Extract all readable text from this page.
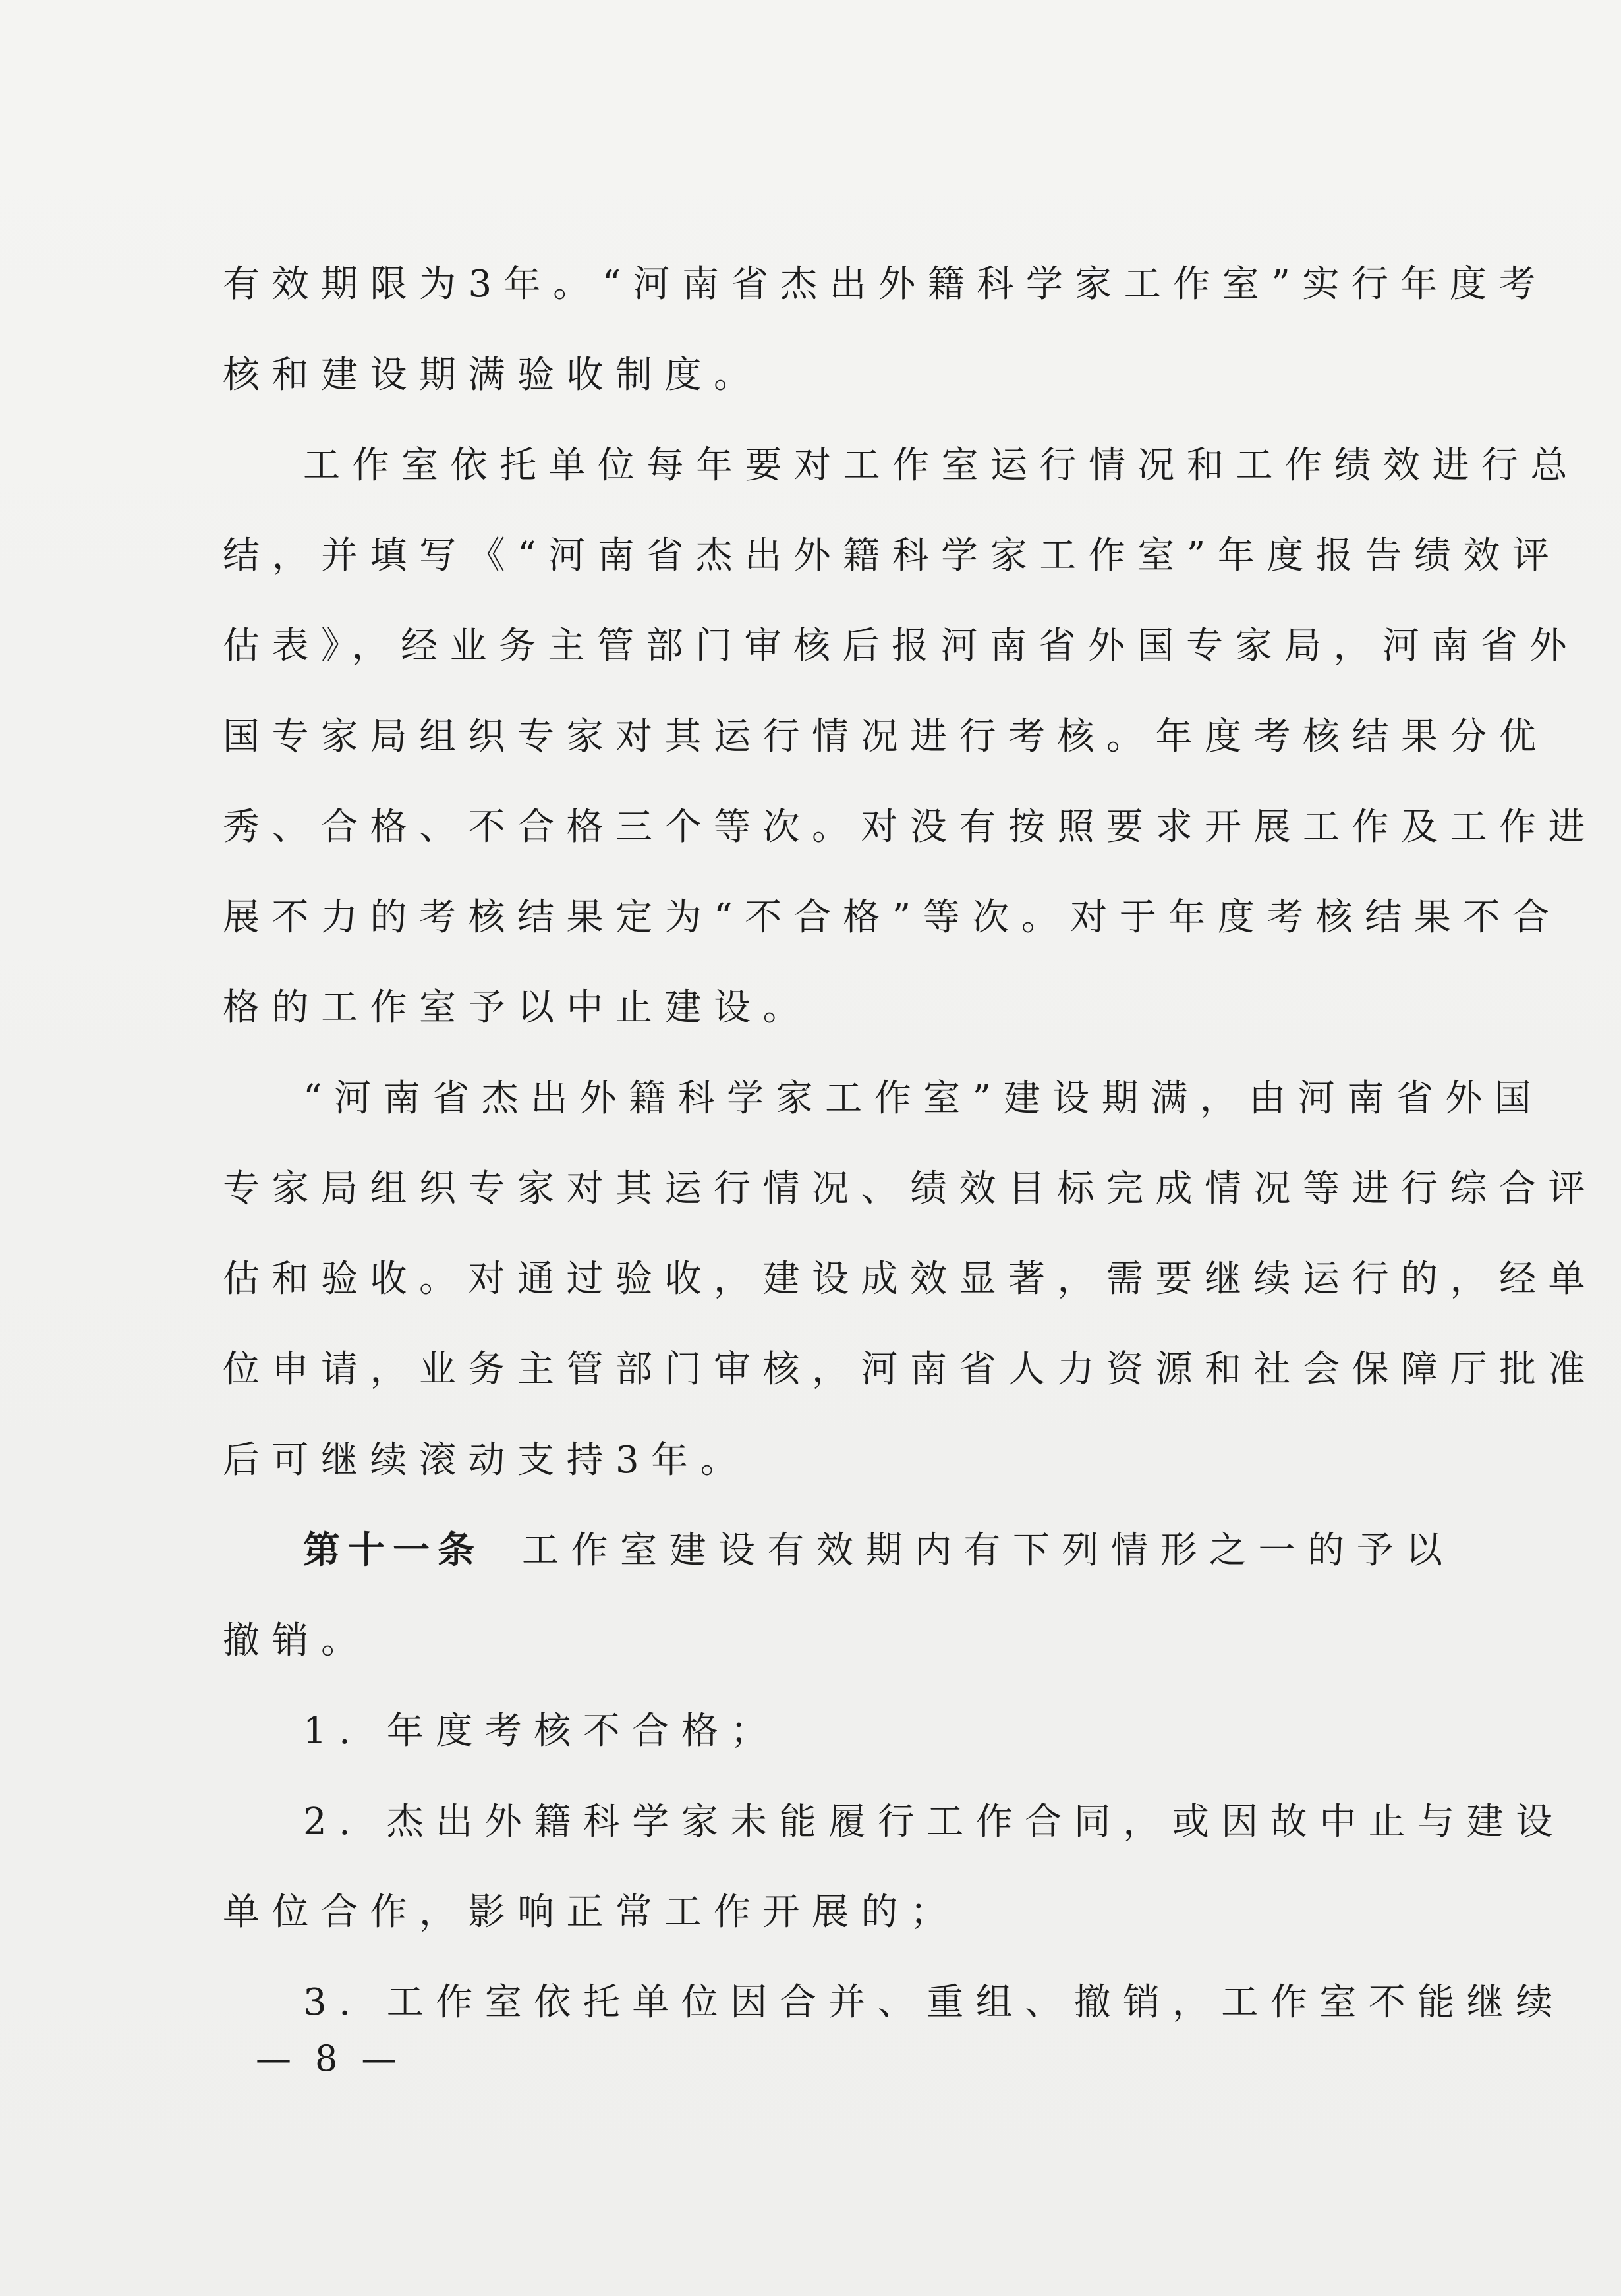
有效期限为3年。“河南省杰出外籍科学家工作室”实行年度考
核和建设期满验收制度。
工作室依托单位每年要对工作室运行情况和工作绩效进行总
结，并填写《“河南省杰出外籍科学家工作室”年度报告绩效评
估表》，经业务主管部门审核后报河南省外国专家局，河南省外
国专家局组织专家对其运行情况进行考核。年度考核结果分优
秀、合格、不合格三个等次。对没有按照要求开展工作及工作进
展不力的考核结果定为“不合格”等次。对于年度考核结果不合
格的工作室予以中止建设。
“河南省杰出外籍科学家工作室”建设期满，由河南省外国
专家局组织专家对其运行情况、绩效目标完成情况等进行综合评
估和验收。对通过验收，建设成效显著，需要继续运行的，经单
位申请，业务主管部门审核，河南省人力资源和社会保障厅批准
后可继续滚动支持3年。
第十一条 工作室建设有效期内有下列情形之一的予以
撤销。
1. 年度考核不合格；
2. 杰出外籍科学家未能履行工作合同，或因故中止与建设
单位合作，影响正常工作开展的；
3. 工作室依托单位因合并、重组、撤销，工作室不能继续
— 8 —
